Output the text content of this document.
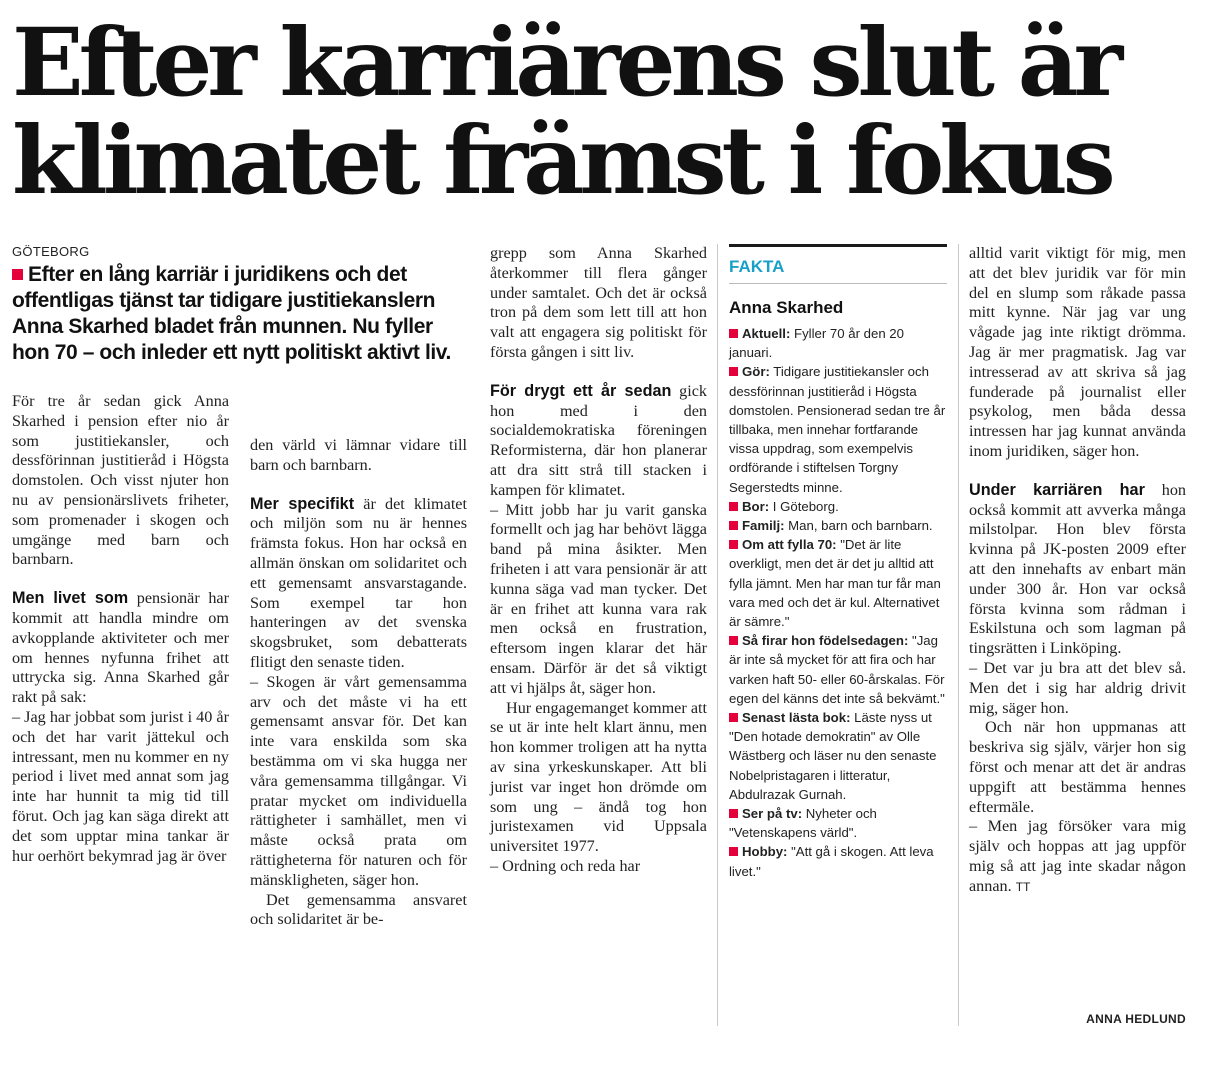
Efter karriärens slut är klimatet främst i fokus
GÖTEBORG
Efter en lång karriär i juridikens och det offentligas tjänst tar tidigare justitiekanslern Anna Skarhed bladet från munnen. Nu fyller hon 70 – och inleder ett nytt politiskt aktivt liv.

För tre år sedan gick Anna Skarhed i pension efter nio år som justitiekansler, och dessförinnan justitieråd i Högsta domstolen. Och visst njuter hon nu av pensionärslivets friheter, som promenader i skogen och umgänge med barn och barnbarn.

Men livet som pensionär har kommit att handla mindre om avkopplande aktiviteter och mer om hennes nyfunna frihet att uttrycka sig. Anna Skarhed går rakt på sak:

– Jag har jobbat som jurist i 40 år och det har varit jättekul och intressant, men nu kommer en ny period i livet med annat som jag inte har hunnit ta mig tid till förut. Och jag kan säga direkt att det som upptar mina tankar är hur oerhört bekymrad jag är över

den värld vi lämnar vidare till barn och barnbarn.

Mer specifikt är det klimatet och miljön som nu är hennes främsta fokus. Hon har också en allmän önskan om solidaritet och ett gemensamt ansvarstagande. Som exempel tar hon hanteringen av det svenska skogsbruket, som debatterats flitigt den senaste tiden.

– Skogen är vårt gemensamma arv och det måste vi ha ett gemensamt ansvar för. Det kan inte vara enskilda som ska bestämma om vi ska hugga ner våra gemensamma tillgångar. Vi pratar mycket om individuella rättigheter i samhället, men vi måste också prata om rättigheterna för naturen och för mänskligheten, säger hon.

Det gemensamma ansvaret och solidaritet är be-

grepp som Anna Skarhed återkommer till flera gånger under samtalet. Och det är också tron på dem som lett till att hon valt att engagera sig politiskt för första gången i sitt liv.

För drygt ett år sedan gick hon med i den socialdemokratiska föreningen Reformisterna, där hon planerar att dra sitt strå till stacken i kampen för klimatet.

– Mitt jobb har ju varit ganska formellt och jag har behövt lägga band på mina åsikter. Men friheten i att vara pensionär är att kunna säga vad man tycker. Det är en frihet att kunna vara rak men också en frustration, eftersom ingen klarar det här ensam. Därför är det så viktigt att vi hjälps åt, säger hon.

Hur engagemanget kommer att se ut är inte helt klart ännu, men hon kommer troligen att ha nytta av sina yrkeskunskaper. Att bli jurist var inget hon drömde om som ung – ändå tog hon juristexamen vid Uppsala universitet 1977.

– Ordning och reda har

FAKTA
Anna Skarhed

Aktuell: Fyller 70 år den 20 januari.

Gör: Tidigare justitiekansler och dessförinnan justitieråd i Högsta domstolen. Pensionerad sedan tre år tillbaka, men innehar fortfarande vissa uppdrag, som exempelvis ordförande i stiftelsen Torgny Segerstedts minne.

Bor: I Göteborg.

Familj: Man, barn och barnbarn.

Om att fylla 70: "Det är lite overkligt, men det är det ju alltid att fylla jämnt. Men har man tur får man vara med och det är kul. Alternativet är sämre."

Så firar hon födelsedagen: "Jag är inte så mycket för att fira och har varken haft 50- eller 60-årskalas. För egen del känns det inte så bekvämt."

Senast lästa bok: Läste nyss ut "Den hotade demokratin" av Olle Wästberg och läser nu den senaste Nobelpristagaren i litteratur, Abdulrazak Gurnah.

Ser på tv: Nyheter och "Vetenskapens värld".

Hobby: "Att gå i skogen. Att leva livet."

alltid varit viktigt för mig, men att det blev juridik var för min del en slump som råkade passa mitt kynne. När jag var ung vågade jag inte riktigt drömma. Jag är mer pragmatisk. Jag var intresserad av att skriva så jag funderade på journalist eller psykolog, men båda dessa intressen har jag kunnat använda inom juridiken, säger hon.

Under karriären har hon också kommit att avverka många milstolpar. Hon blev första kvinna på JK-posten 2009 efter att den innehafts av enbart män under 300 år. Hon var också första kvinna som rådman i Eskilstuna och som lagman på tingsrätten i Linköping.

– Det var ju bra att det blev så. Men det i sig har aldrig drivit mig, säger hon.

Och när hon uppmanas att beskriva sig själv, värjer hon sig först och menar att det är andras uppgift att bestämma hennes eftermäle.

– Men jag försöker vara mig själv och hoppas att jag uppför mig så att jag inte skadar någon annan. TT

ANNA HEDLUND
